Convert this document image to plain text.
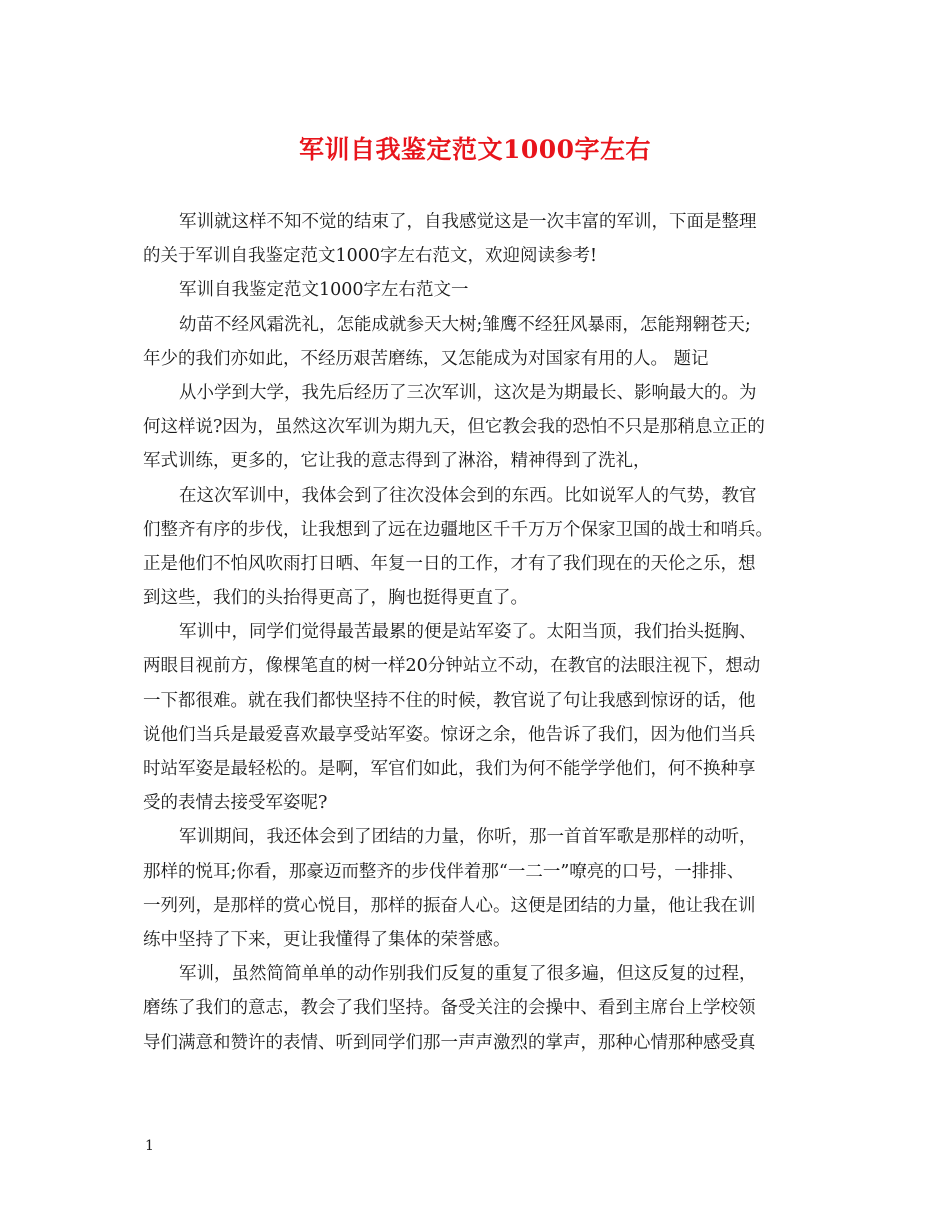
军训自我鉴定范文1000字左右
军训就这样不知不觉的结束了，自我感觉这是一次丰富的军训，下面是整理
的关于军训自我鉴定范文1000字左右范文，欢迎阅读参考!
军训自我鉴定范文1000字左右范文一
幼苗不经风霜洗礼，怎能成就参天大树;雏鹰不经狂风暴雨，怎能翔翱苍天;
年少的我们亦如此，不经历艰苦磨练，又怎能成为对国家有用的人。 题记
从小学到大学，我先后经历了三次军训，这次是为期最长、影响最大的。为
何这样说?因为，虽然这次军训为期九天，但它教会我的恐怕不只是那稍息立正的
军式训练，更多的，它让我的意志得到了淋浴，精神得到了洗礼，
在这次军训中，我体会到了往次没体会到的东西。比如说军人的气势，教官
们整齐有序的步伐，让我想到了远在边疆地区千千万万个保家卫国的战士和哨兵。
正是他们不怕风吹雨打日晒、年复一日的工作，才有了我们现在的天伦之乐，想
到这些，我们的头抬得更高了，胸也挺得更直了。
军训中，同学们觉得最苦最累的便是站军姿了。太阳当顶，我们抬头挺胸、
两眼目视前方，像棵笔直的树一样20分钟站立不动，在教官的法眼注视下，想动
一下都很难。就在我们都快坚持不住的时候，教官说了句让我感到惊讶的话，他
说他们当兵是最爱喜欢最享受站军姿。惊讶之余，他告诉了我们，因为他们当兵
时站军姿是最轻松的。是啊，军官们如此，我们为何不能学学他们，何不换种享
受的表情去接受军姿呢?
军训期间，我还体会到了团结的力量，你听，那一首首军歌是那样的动听，
那样的悦耳;你看，那豪迈而整齐的步伐伴着那“一二一”嘹亮的口号，一排排、
一列列，是那样的赏心悦目，那样的振奋人心。这便是团结的力量，他让我在训
练中坚持了下来，更让我懂得了集体的荣誉感。
军训，虽然简简单单的动作别我们反复的重复了很多遍，但这反复的过程，
磨练了我们的意志，教会了我们坚持。备受关注的会操中、看到主席台上学校领
导们满意和赞许的表情、听到同学们那一声声激烈的掌声，那种心情那种感受真
1
